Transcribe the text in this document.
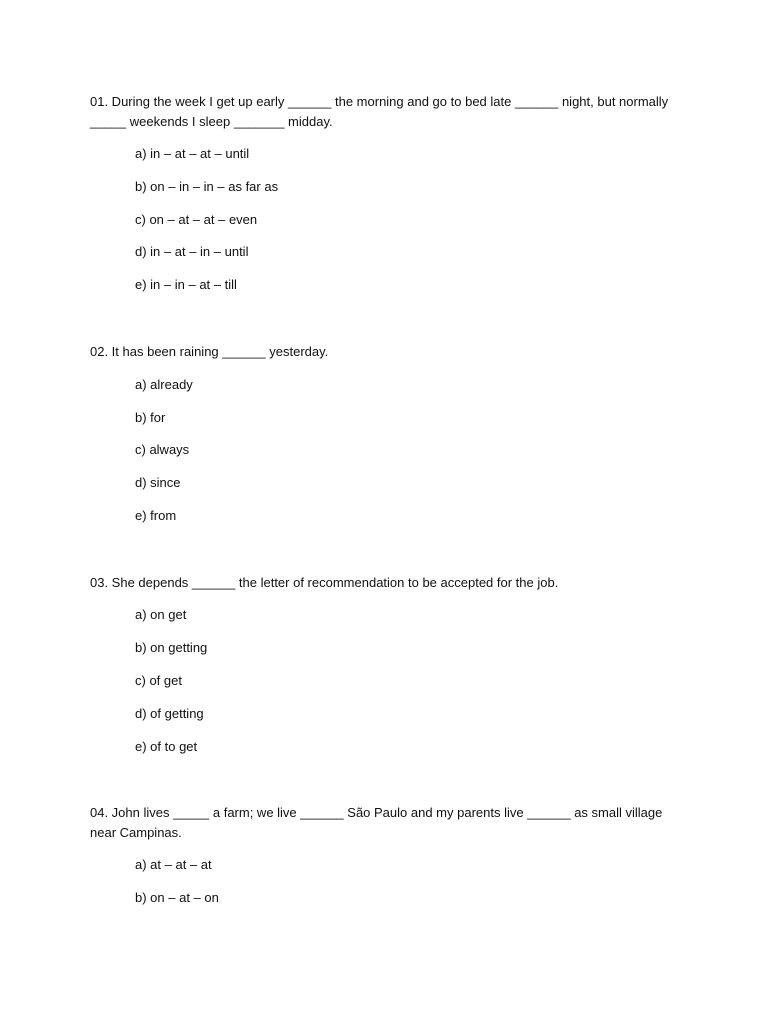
01. During the week I get up early ______ the morning and go to bed late ______ night, but normally _____ weekends I sleep _______ midday.

a) in – at – at – until
b) on – in – in – as far as
c) on – at – at – even
d) in – at – in – until
e) in – in – at – till

02. It has been raining ______ yesterday.

a) already
b) for
c) always
d) since
e) from

03. She depends ______ the letter of recommendation to be accepted for the job.

a) on get
b) on getting
c) of get
d) of getting
e) of to get

04. John lives _____ a farm; we live ______ São Paulo and my parents live ______ as small village near Campinas.

a) at – at – at
b) on – at – on
